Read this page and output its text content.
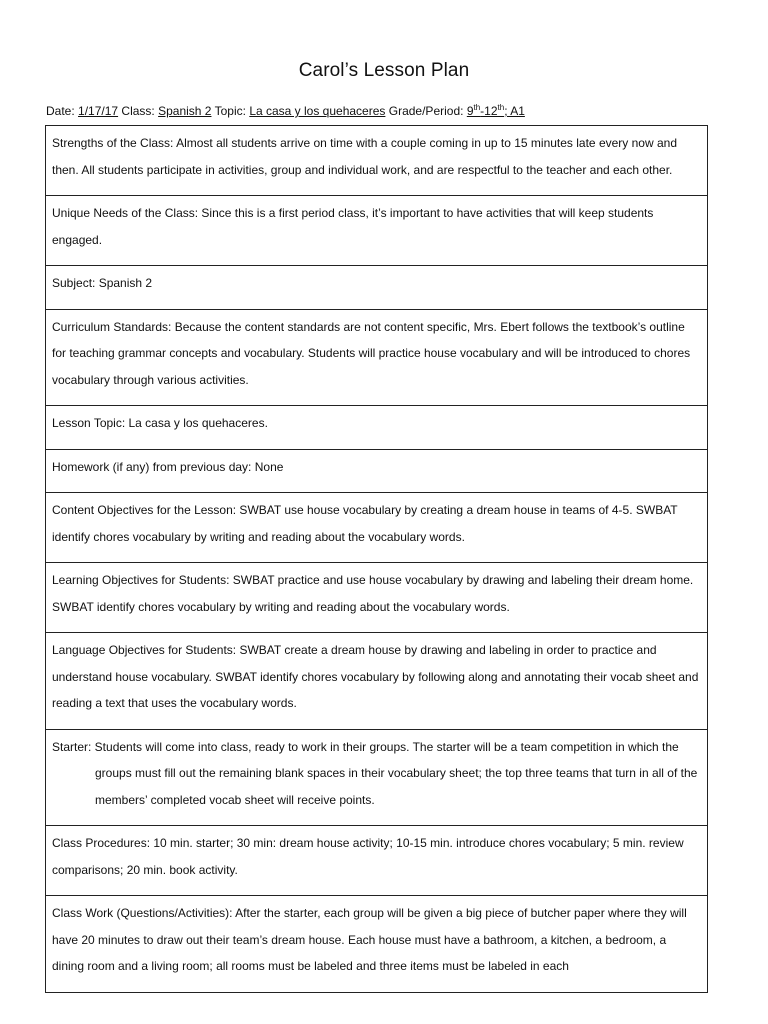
Carol’s Lesson Plan
Date: 1/17/17 Class: Spanish 2 Topic: La casa y los quehaceres Grade/Period: 9th-12th; A1
Strengths of the Class: Almost all students arrive on time with a couple coming in up to 15 minutes late every now and then. All students participate in activities, group and individual work, and are respectful to the teacher and each other.
Unique Needs of the Class: Since this is a first period class, it’s important to have activities that will keep students engaged.
Subject: Spanish 2
Curriculum Standards: Because the content standards are not content specific, Mrs. Ebert follows the textbook’s outline for teaching grammar concepts and vocabulary. Students will practice house vocabulary and will be introduced to chores vocabulary through various activities.
Lesson Topic: La casa y los quehaceres.
Homework (if any) from previous day: None
Content Objectives for the Lesson: SWBAT use house vocabulary by creating a dream house in teams of 4-5. SWBAT identify chores vocabulary by writing and reading about the vocabulary words.
Learning Objectives for Students: SWBAT practice and use house vocabulary by drawing and labeling their dream home. SWBAT identify chores vocabulary by writing and reading about the vocabulary words.
Language Objectives for Students: SWBAT create a dream house by drawing and labeling in order to practice and understand house vocabulary. SWBAT identify chores vocabulary by following along and annotating their vocab sheet and reading a text that uses the vocabulary words.

Starter: Students will come into class, ready to work in their groups. The starter will be a team competition in which the groups must fill out the remaining blank spaces in their vocabulary sheet; the top three teams that turn in all of the members’ completed vocab sheet will receive points.

Class Procedures: 10 min. starter; 30 min: dream house activity; 10-15 min. introduce chores vocabulary; 5 min. review comparisons; 20 min. book activity.
Class Work (Questions/Activities): After the starter, each group will be given a big piece of butcher paper where they will have 20 minutes to draw out their team’s dream house. Each house must have a bathroom, a kitchen, a bedroom, a dining room and a living room; all rooms must be labeled and three items must be labeled in each
